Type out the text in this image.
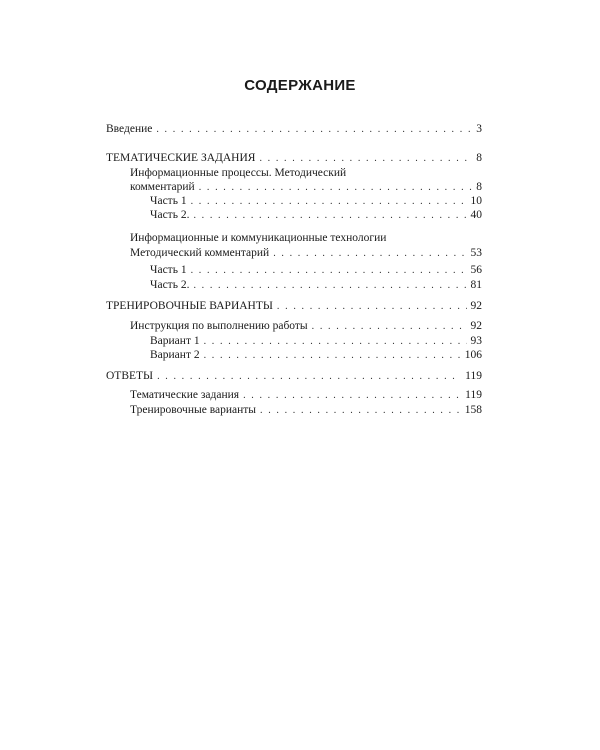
СОДЕРЖАНИЕ
Введение . . .	3
ТЕМАТИЧЕСКИЕ ЗАДАНИЯ . . .	8
Информационные процессы. Методический
комментарий . . .	8
Часть 1 . . .	10
Часть 2. . . .	40
Информационные и коммуникационные технологии
Методический комментарий . . .	53
Часть 1 . . .	56
Часть 2. . . .	81
ТРЕНИРОВОЧНЫЕ ВАРИАНТЫ . . .	92
Инструкция по выполнению работы . . .	92
Вариант 1 . . .	93
Вариант 2 . . .	106
ОТВЕТЫ . . .	119
Тематические задания . . .	119
Тренировочные варианты . . .	158
